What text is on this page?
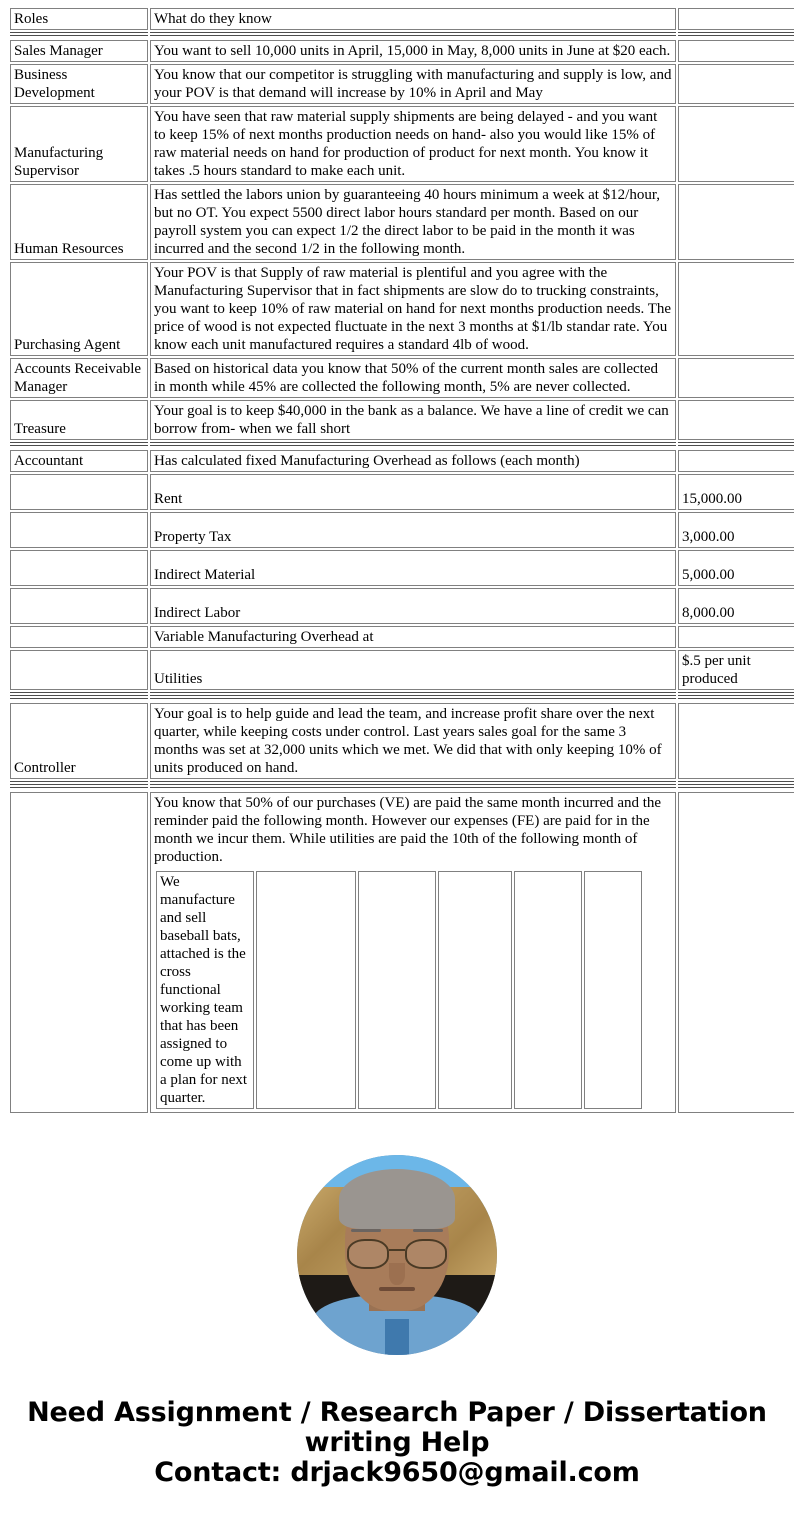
Roles	What do they know	

Sales Manager	You want to sell 10,000 units in April, 15,000 in May, 8,000 units in June at $20 each.	
Business Development	You know that our competitor is struggling with manufacturing and supply is low, and your POV is that demand will increase by 10% in April and May	
Manufacturing Supervisor	You have seen that raw material supply shipments are being delayed - and you want to keep 15% of next months production needs on hand- also you would like 15% of raw material needs on hand for production of product for next month. You know it takes .5 hours standard to make each unit.	
Human Resources	Has settled the labors union by guaranteeing 40 hours minimum a week at $12/hour, but no OT. You expect 5500 direct labor hours standard per month. Based on our payroll system you can expect 1/2 the direct labor to be paid in the month it was incurred and the second 1/2 in the following month.	
Purchasing Agent	Your POV is that Supply of raw material is plentiful and you agree with the Manufacturing Supervisor that in fact shipments are slow do to trucking constraints, you want to keep 10% of raw material on hand for next months production needs. The price of wood is not expected fluctuate in the next 3 months at $1/lb standar rate. You know each unit manufactured requires a standard 4lb of wood.	
Accounts Receivable Manager	Based on historical data you know that 50% of the current month sales are collected in month while 45% are collected the following month, 5% are never collected.	
Treasure	Your goal is to keep $40,000 in the bank as a balance. We have a line of credit we can borrow from- when we fall short	

Accountant	Has calculated fixed Manufacturing Overhead as follows (each month)	
	Rent	15,000.00
	Property Tax	3,000.00
	Indirect Material	5,000.00
	Indirect Labor	8,000.00
	Variable Manufacturing Overhead at	
	Utilities	$.5 per unit produced

Controller	Your goal is to help guide and lead the team, and increase profit share over the next quarter, while keeping costs under control. Last years sales goal for the same 3 months was set at 32,000 units which we met. We did that with only keeping 10% of units produced on hand.	

You know that 50% of our purchases (VE) are paid the same month incurred and the reminder paid the following month. However our expenses (FE) are paid for in the month we incur them. While utilities are paid the 10th of the following month of production.
We manufacture and sell baseball bats, attached is the cross functional working team that has been assigned to come up with a plan for next quarter.					

Need Assignment / Research Paper / Dissertation
writing Help
Contact: drjack9650@gmail.com
